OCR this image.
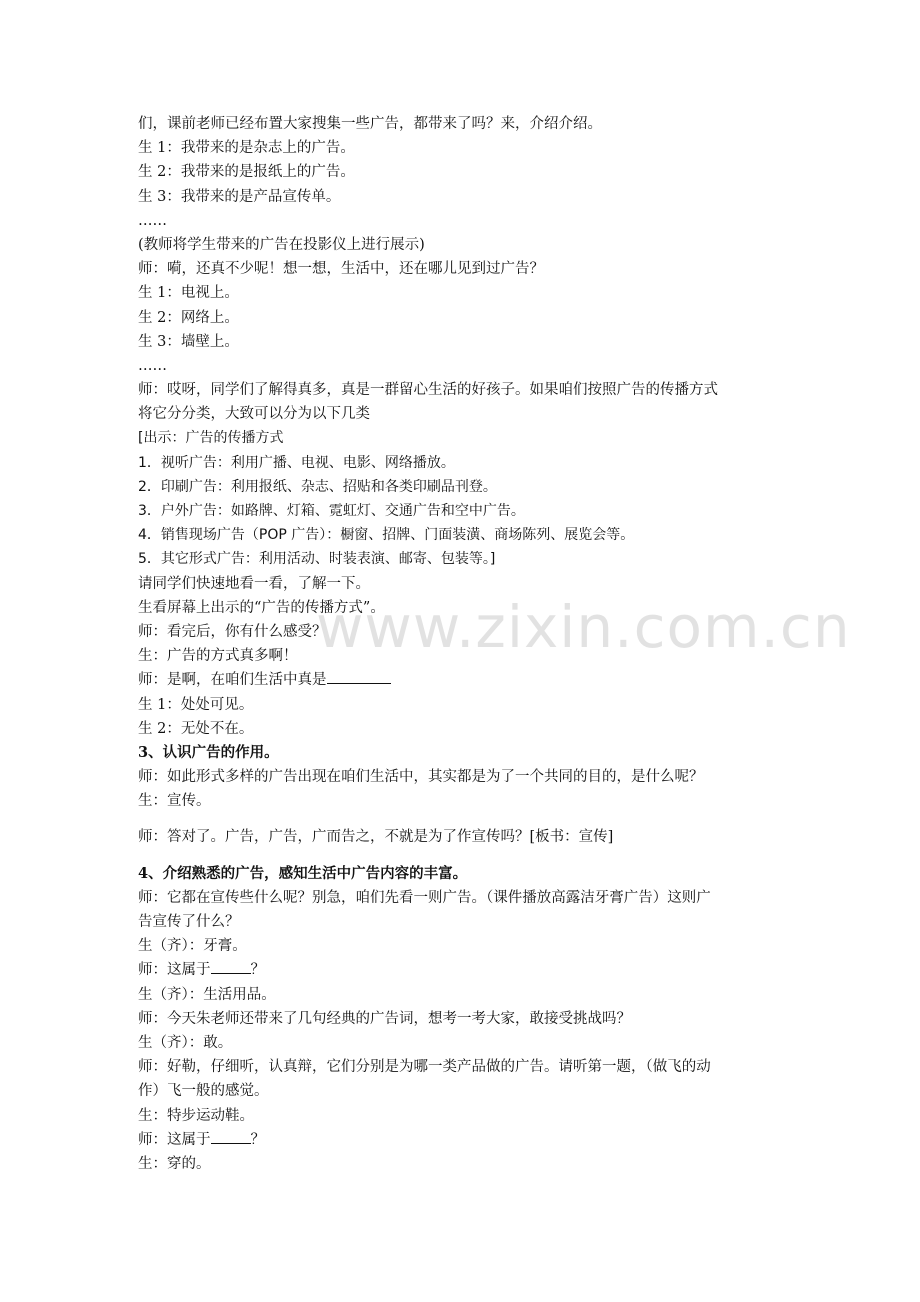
们，课前老师已经布置大家搜集一些广告，都带来了吗？来，介绍介绍。
生 1：我带来的是杂志上的广告。
生 2：我带来的是报纸上的广告。
生 3：我带来的是产品宣传单。
……
(教师将学生带来的广告在投影仪上进行展示)
师：嗬，还真不少呢！想一想，生活中，还在哪儿见到过广告？
生 1：电视上。
生 2：网络上。
生 3：墙壁上。
……
师：哎呀，同学们了解得真多，真是一群留心生活的好孩子。如果咱们按照广告的传播方式
将它分分类，大致可以分为以下几类
[出示：广告的传播方式
1．视听广告：利用广播、电视、电影、网络播放。
2．印刷广告：利用报纸、杂志、招贴和各类印刷品刊登。
3．户外广告：如路牌、灯箱、霓虹灯、交通广告和空中广告。
4．销售现场广告（POP 广告）：橱窗、招牌、门面装潢、商场陈列、展览会等。
5．其它形式广告：利用活动、时装表演、邮寄、包装等。]
请同学们快速地看一看，了解一下。
生看屏幕上出示的“广告的传播方式”。
师：看完后，你有什么感受？
生：广告的方式真多啊！
师：是啊，在咱们生活中真是
生 1：处处可见。
生 2：无处不在。
3、认识广告的作用。
师：如此形式多样的广告出现在咱们生活中，其实都是为了一个共同的目的，是什么呢？
生：宣传。
师：答对了。广告，广告，广而告之，不就是为了作宣传吗？[板书：宣传]
4、介绍熟悉的广告，感知生活中广告内容的丰富。
师：它都在宣传些什么呢？别急，咱们先看一则广告。（课件播放高露洁牙膏广告）这则广
告宣传了什么？
生（齐）：牙膏。
师：这属于	？
生（齐）：生活用品。
师：今天朱老师还带来了几句经典的广告词，想考一考大家，敢接受挑战吗？
生（齐）：敢。
师：好勒，仔细听，认真辩，它们分别是为哪一类产品做的广告。请听第一题，（做飞的动
作）飞一般的感觉。
生：特步运动鞋。
师：这属于	？
生：穿的。
www.zixin.com.cn
